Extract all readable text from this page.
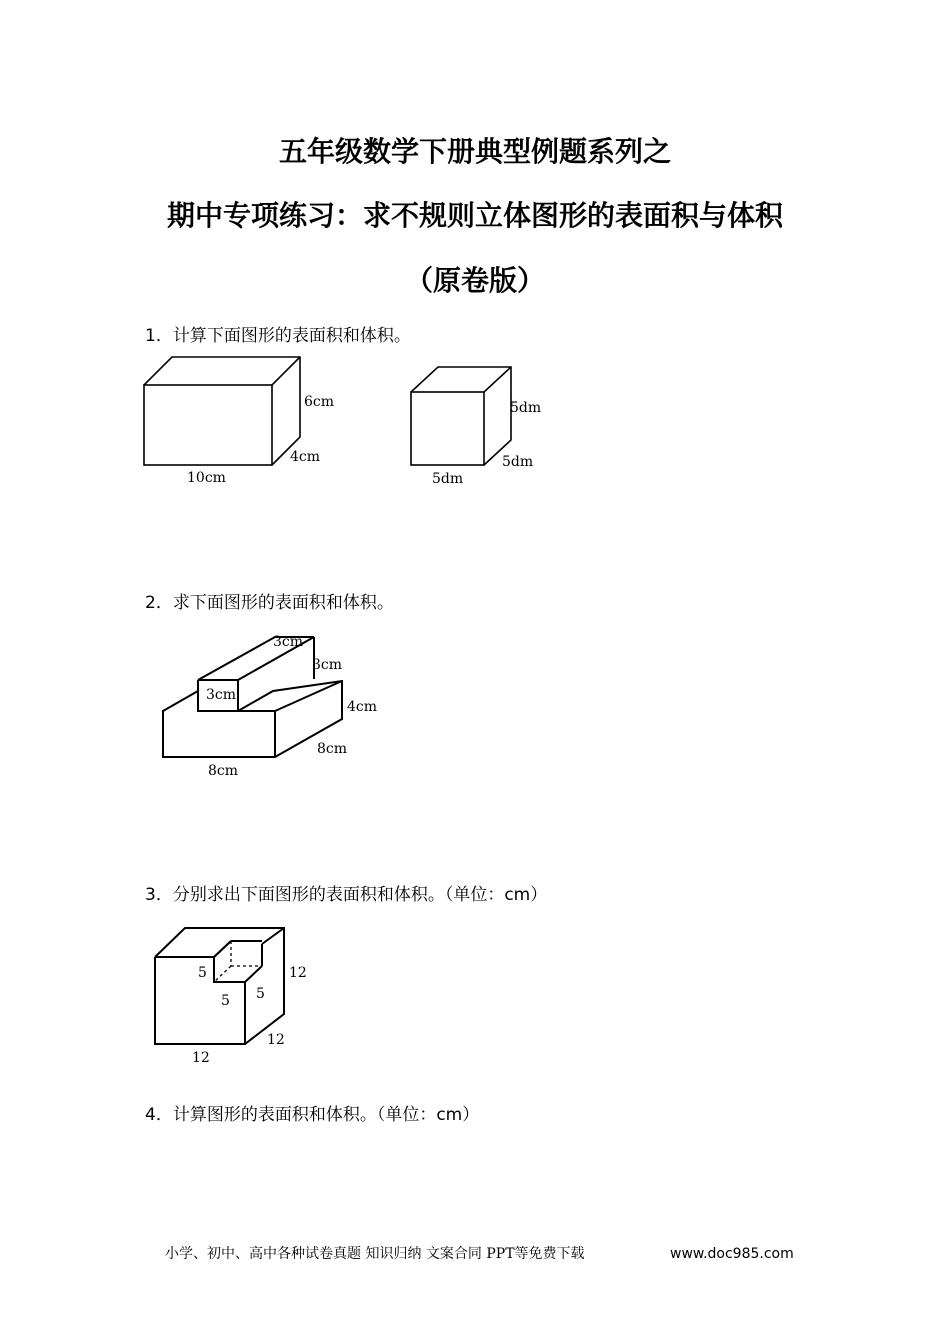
五年级数学下册典型例题系列之
期中专项练习：求不规则立体图形的表面积与体积
（原卷版）
1．计算下面图形的表面积和体积。
6cm
4cm
10cm
5dm
5dm
5dm
2．求下面图形的表面积和体积。
3cm
3cm
3cm
4cm
8cm
8cm
3．分别求出下面图形的表面积和体积。（单位：cm）
5
5 5
12
12
12
4．计算图形的表面积和体积。（单位：cm）
小学、初中、高中各种试卷真题 知识归纳 文案合同 PPT等免费下载	www.doc985.com
